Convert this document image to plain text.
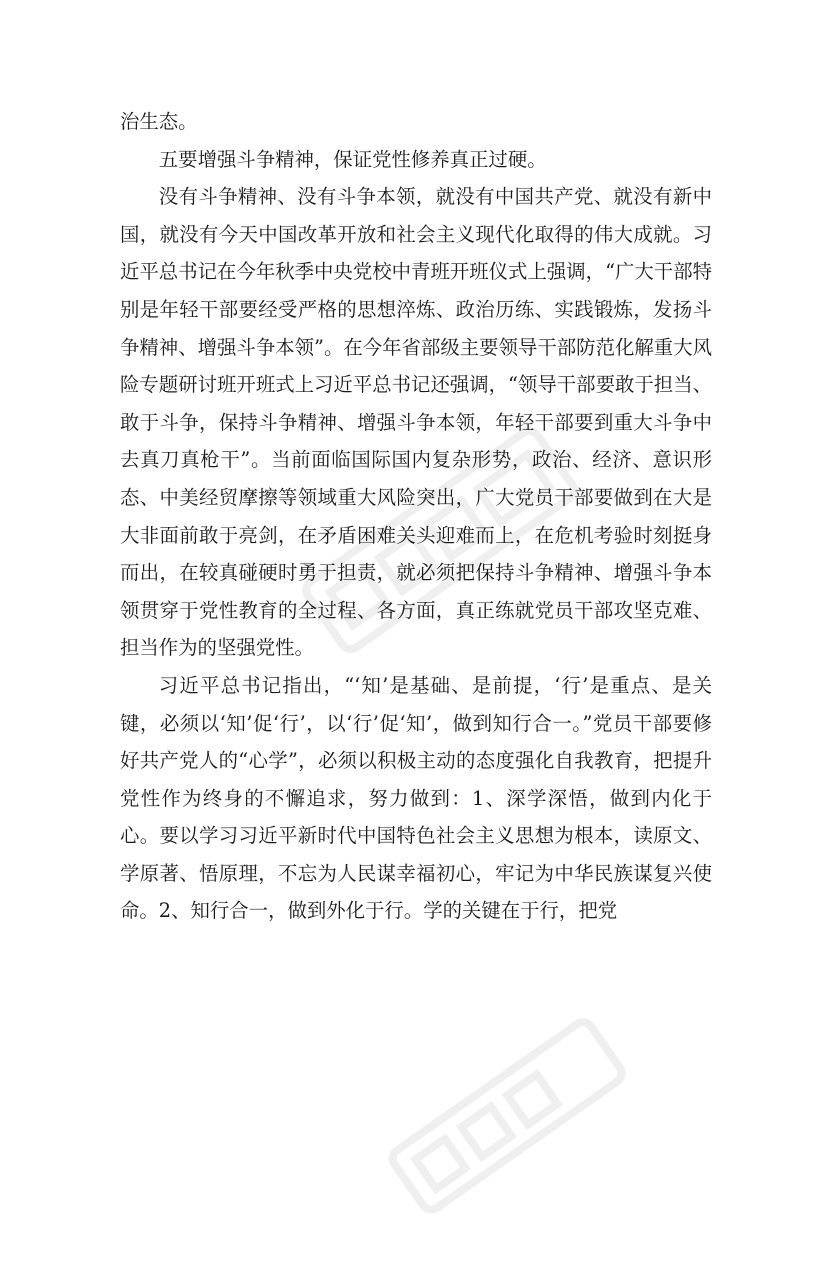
治生态。

五要增强斗争精神，保证党性修养真正过硬。

没有斗争精神、没有斗争本领，就没有中国共产党、就没有新中国，就没有今天中国改革开放和社会主义现代化取得的伟大成就。习近平总书记在今年秋季中央党校中青班开班仪式上强调，“广大干部特别是年轻干部要经受严格的思想淬炼、政治历练、实践锻炼，发扬斗争精神、增强斗争本领”。在今年省部级主要领导干部防范化解重大风险专题研讨班开班式上习近平总书记还强调，“领导干部要敢于担当、敢于斗争，保持斗争精神、增强斗争本领，年轻干部要到重大斗争中去真刀真枪干”。当前面临国际国内复杂形势，政治、经济、意识形态、中美经贸摩擦等领域重大风险突出，广大党员干部要做到在大是大非面前敢于亮剑，在矛盾困难关头迎难而上，在危机考验时刻挺身而出，在较真碰硬时勇于担责，就必须把保持斗争精神、增强斗争本领贯穿于党性教育的全过程、各方面，真正练就党员干部攻坚克难、担当作为的坚强党性。

习近平总书记指出，“‘知’是基础、是前提，‘行’是重点、是关键，必须以‘知’促‘行’，以‘行’促‘知’，做到知行合一。”党员干部要修好共产党人的“心学”，必须以积极主动的态度强化自我教育，把提升党性作为终身的不懈追求，努力做到：1、深学深悟，做到内化于心。要以学习习近平新时代中国特色社会主义思想为根本，读原文、学原著、悟原理，不忘为人民谋幸福初心，牢记为中华民族谋复兴使命。2、知行合一，做到外化于行。学的关键在于行，把党
